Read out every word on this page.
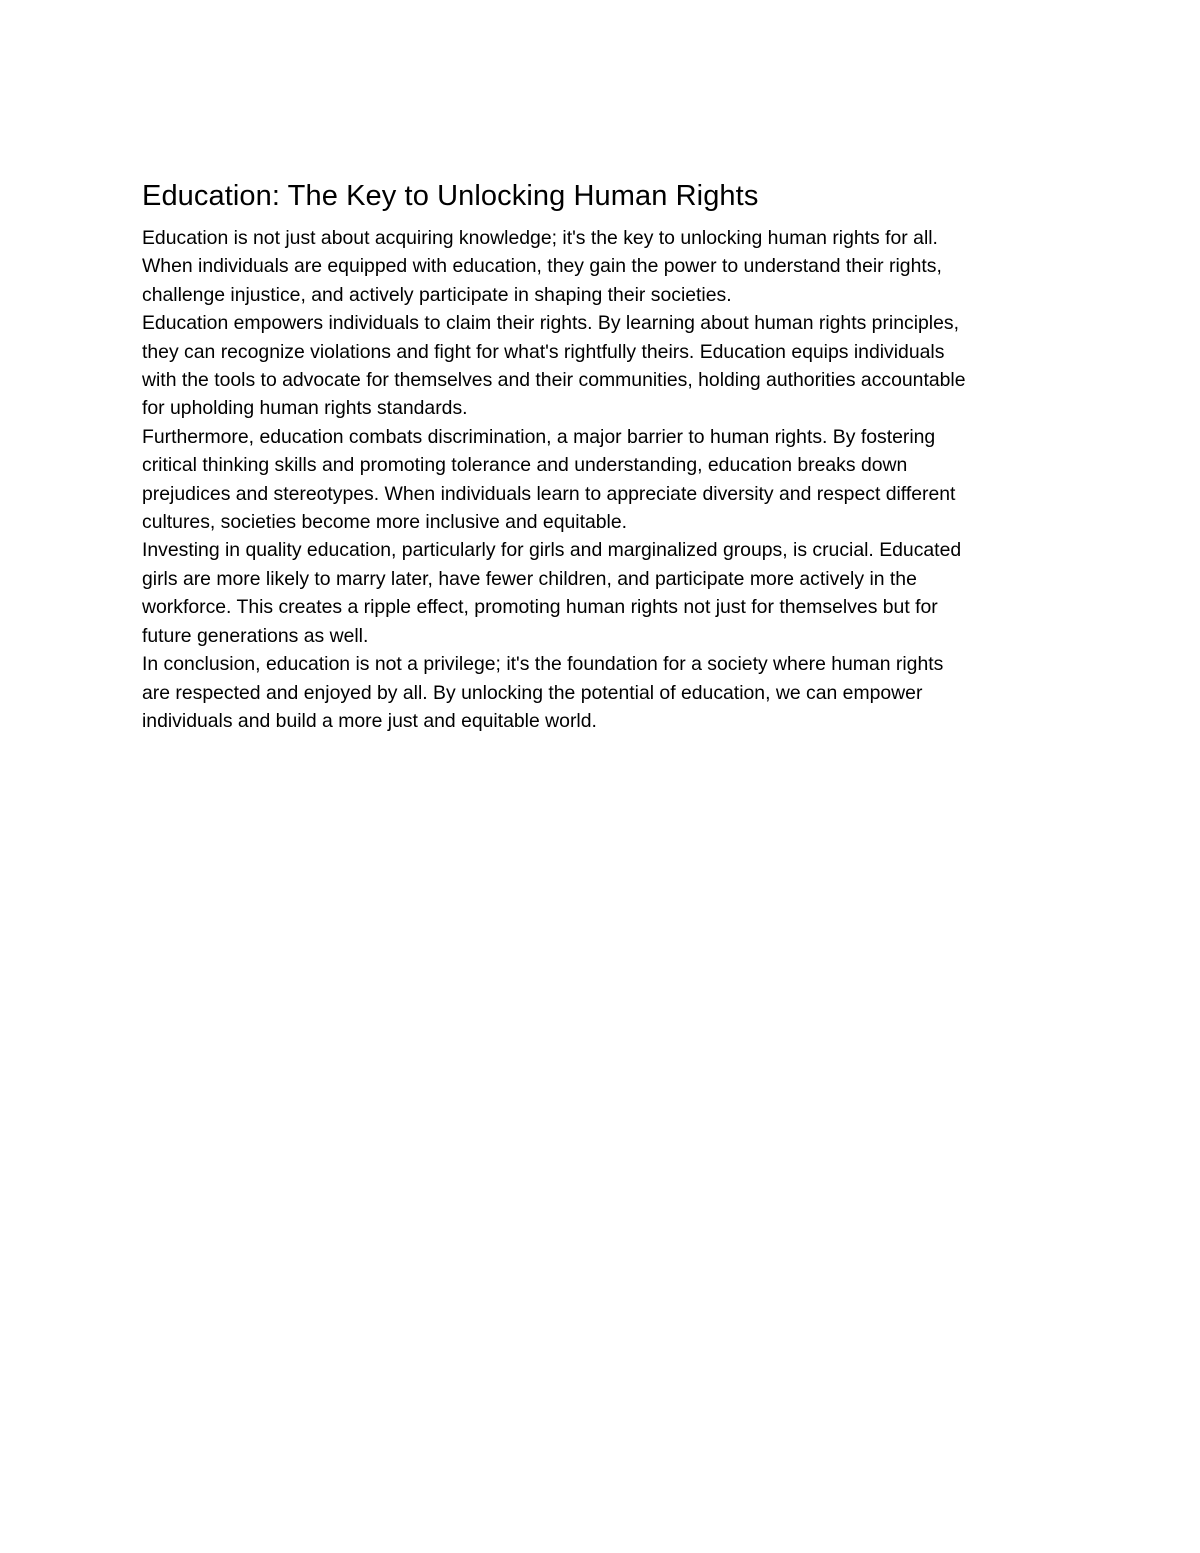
Education: The Key to Unlocking Human Rights

Education is not just about acquiring knowledge; it's the key to unlocking human rights for all.
When individuals are equipped with education, they gain the power to understand their rights,
challenge injustice, and actively participate in shaping their societies.

Education empowers individuals to claim their rights. By learning about human rights principles,
they can recognize violations and fight for what's rightfully theirs. Education equips individuals
with the tools to advocate for themselves and their communities, holding authorities accountable
for upholding human rights standards.

Furthermore, education combats discrimination, a major barrier to human rights. By fostering
critical thinking skills and promoting tolerance and understanding, education breaks down
prejudices and stereotypes. When individuals learn to appreciate diversity and respect different
cultures, societies become more inclusive and equitable.

Investing in quality education, particularly for girls and marginalized groups, is crucial. Educated
girls are more likely to marry later, have fewer children, and participate more actively in the
workforce. This creates a ripple effect, promoting human rights not just for themselves but for
future generations as well.

In conclusion, education is not a privilege; it's the foundation for a society where human rights
are respected and enjoyed by all. By unlocking the potential of education, we can empower
individuals and build a more just and equitable world.
